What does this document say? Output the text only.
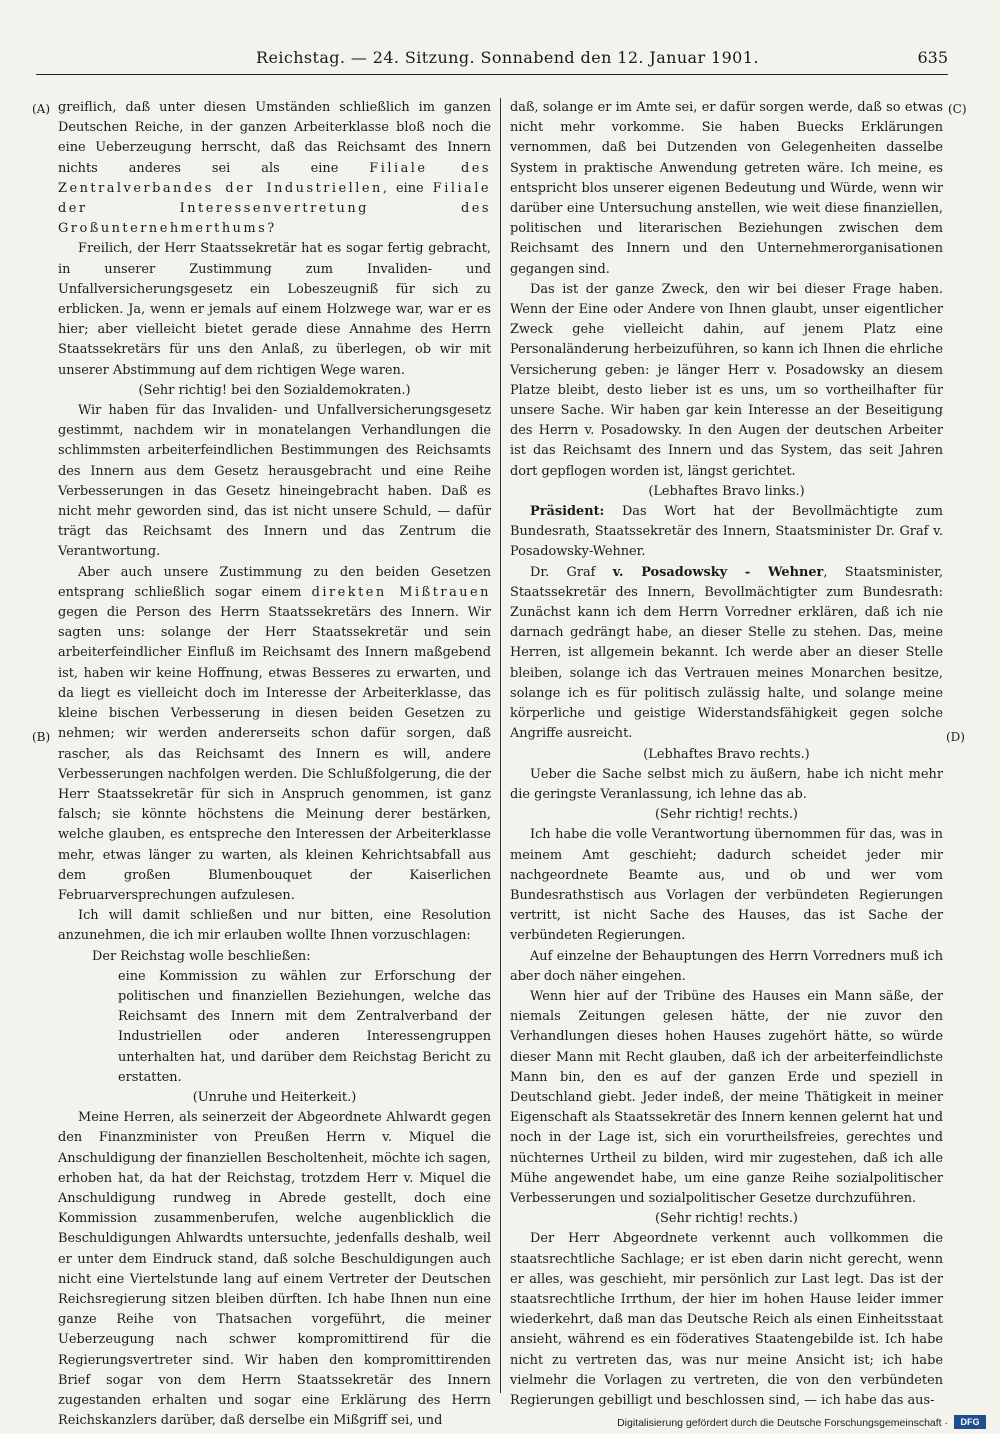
Reichstag. — 24. Sitzung. Sonnabend den 12. Januar 1901.	635
(A)
(B)
(C)
(D)

greiflich, daß unter diesen Umständen schließlich im ganzen Deutschen Reiche, in der ganzen Arbeiterklasse bloß noch die eine Ueberzeugung herrscht, daß das Reichsamt des Innern nichts anderes sei als eine Filiale des Zentralverbandes der Industriellen, eine Filiale der Interessenvertretung des Großunternehmerthums?

Freilich, der Herr Staatssekretär hat es sogar fertig gebracht, in unserer Zustimmung zum Invaliden- und Unfallversicherungsgesetz ein Lobeszeugniß für sich zu erblicken. Ja, wenn er jemals auf einem Holzwege war, war er es hier; aber vielleicht bietet gerade diese Annahme des Herrn Staatssekretärs für uns den Anlaß, zu überlegen, ob wir mit unserer Abstimmung auf dem richtigen Wege waren.

(Sehr richtig! bei den Sozialdemokraten.)

Wir haben für das Invaliden- und Unfallversicherungsgesetz gestimmt, nachdem wir in monatelangen Verhandlungen die schlimmsten arbeiterfeindlichen Bestimmungen des Reichsamts des Innern aus dem Gesetz herausgebracht und eine Reihe Verbesserungen in das Gesetz hineingebracht haben. Daß es nicht mehr geworden sind, das ist nicht unsere Schuld, — dafür trägt das Reichsamt des Innern und das Zentrum die Verantwortung.

Aber auch unsere Zustimmung zu den beiden Gesetzen entsprang schließlich sogar einem direkten Mißtrauen gegen die Person des Herrn Staatssekretärs des Innern. Wir sagten uns: solange der Herr Staatssekretär und sein arbeiterfeindlicher Einfluß im Reichsamt des Innern maßgebend ist, haben wir keine Hoffnung, etwas Besseres zu erwarten, und da liegt es vielleicht doch im Interesse der Arbeiterklasse, das kleine bischen Verbesserung in diesen beiden Gesetzen zu nehmen; wir werden andererseits schon dafür sorgen, daß rascher, als das Reichsamt des Innern es will, andere Verbesserungen nachfolgen werden. Die Schlußfolgerung, die der Herr Staatssekretär für sich in Anspruch genommen, ist ganz falsch; sie könnte höchstens die Meinung derer bestärken, welche glauben, es entspreche den Interessen der Arbeiterklasse mehr, etwas länger zu warten, als kleinen Kehrichtsabfall aus dem großen Blumenbouquet der Kaiserlichen Februarversprechungen aufzulesen.

Ich will damit schließen und nur bitten, eine Resolution anzunehmen, die ich mir erlauben wollte Ihnen vorzuschlagen:

Der Reichstag wolle beschließen:

eine Kommission zu wählen zur Erforschung der politischen und finanziellen Beziehungen, welche das Reichsamt des Innern mit dem Zentralverband der Industriellen oder anderen Interessengruppen unterhalten hat, und darüber dem Reichstag Bericht zu erstatten.

(Unruhe und Heiterkeit.)

Meine Herren, als seinerzeit der Abgeordnete Ahlwardt gegen den Finanzminister von Preußen Herrn v. Miquel die Anschuldigung der finanziellen Bescholtenheit, möchte ich sagen, erhoben hat, da hat der Reichstag, trotzdem Herr v. Miquel die Anschuldigung rundweg in Abrede gestellt, doch eine Kommission zusammenberufen, welche augenblicklich die Beschuldigungen Ahlwardts untersuchte, jedenfalls deshalb, weil er unter dem Eindruck stand, daß solche Beschuldigungen auch nicht eine Viertelstunde lang auf einem Vertreter der Deutschen Reichsregierung sitzen bleiben dürften. Ich habe Ihnen nun eine ganze Reihe von Thatsachen vorgeführt, die meiner Ueberzeugung nach schwer kompromittirend für die Regierungsvertreter sind. Wir haben den kompromittirenden Brief sogar von dem Herrn Staatssekretär des Innern zugestanden erhalten und sogar eine Erklärung des Herrn Reichskanzlers darüber, daß derselbe ein Mißgriff sei, und

daß, solange er im Amte sei, er dafür sorgen werde, daß so etwas nicht mehr vorkomme. Sie haben Buecks Erklärungen vernommen, daß bei Dutzenden von Gelegenheiten dasselbe System in praktische Anwendung getreten wäre. Ich meine, es entspricht blos unserer eigenen Bedeutung und Würde, wenn wir darüber eine Untersuchung anstellen, wie weit diese finanziellen, politischen und literarischen Beziehungen zwischen dem Reichsamt des Innern und den Unternehmerorganisationen gegangen sind.

Das ist der ganze Zweck, den wir bei dieser Frage haben. Wenn der Eine oder Andere von Ihnen glaubt, unser eigentlicher Zweck gehe vielleicht dahin, auf jenem Platz eine Personaländerung herbeizuführen, so kann ich Ihnen die ehrliche Versicherung geben: je länger Herr v. Posadowsky an diesem Platze bleibt, desto lieber ist es uns, um so vortheilhafter für unsere Sache. Wir haben gar kein Interesse an der Beseitigung des Herrn v. Posadowsky. In den Augen der deutschen Arbeiter ist das Reichsamt des Innern und das System, das seit Jahren dort gepflogen worden ist, längst gerichtet.

(Lebhaftes Bravo links.)

Präsident: Das Wort hat der Bevollmächtigte zum Bundesrath, Staatssekretär des Innern, Staatsminister Dr. Graf v. Posadowsky-Wehner.

Dr. Graf v. Posadowsky - Wehner, Staatsminister, Staatssekretär des Innern, Bevollmächtigter zum Bundesrath: Zunächst kann ich dem Herrn Vorredner erklären, daß ich nie darnach gedrängt habe, an dieser Stelle zu stehen. Das, meine Herren, ist allgemein bekannt. Ich werde aber an dieser Stelle bleiben, solange ich das Vertrauen meines Monarchen besitze, solange ich es für politisch zulässig halte, und solange meine körperliche und geistige Widerstandsfähigkeit gegen solche Angriffe ausreicht.

(Lebhaftes Bravo rechts.)

Ueber die Sache selbst mich zu äußern, habe ich nicht mehr die geringste Veranlassung, ich lehne das ab.

(Sehr richtig! rechts.)

Ich habe die volle Verantwortung übernommen für das, was in meinem Amt geschieht; dadurch scheidet jeder mir nachgeordnete Beamte aus, und ob und wer vom Bundesrathstisch aus Vorlagen der verbündeten Regierungen vertritt, ist nicht Sache des Hauses, das ist Sache der verbündeten Regierungen.

Auf einzelne der Behauptungen des Herrn Vorredners muß ich aber doch näher eingehen.

Wenn hier auf der Tribüne des Hauses ein Mann säße, der niemals Zeitungen gelesen hätte, der nie zuvor den Verhandlungen dieses hohen Hauses zugehört hätte, so würde dieser Mann mit Recht glauben, daß ich der arbeiterfeindlichste Mann bin, den es auf der ganzen Erde und speziell in Deutschland giebt. Jeder indeß, der meine Thätigkeit in meiner Eigenschaft als Staatssekretär des Innern kennen gelernt hat und noch in der Lage ist, sich ein vorurtheilsfreies, gerechtes und nüchternes Urtheil zu bilden, wird mir zugestehen, daß ich alle Mühe angewendet habe, um eine ganze Reihe sozialpolitischer Verbesserungen und sozialpolitischer Gesetze durchzuführen.

(Sehr richtig! rechts.)

Der Herr Abgeordnete verkennt auch vollkommen die staatsrechtliche Sachlage; er ist eben darin nicht gerecht, wenn er alles, was geschieht, mir persönlich zur Last legt. Das ist der staatsrechtliche Irrthum, der hier im hohen Hause leider immer wiederkehrt, daß man das Deutsche Reich als einen Einheitsstaat ansieht, während es ein föderatives Staatengebilde ist. Ich habe nicht zu vertreten das, was nur meine Ansicht ist; ich habe vielmehr die Vorlagen zu vertreten, die von den verbündeten Regierungen gebilligt und beschlossen sind, — ich habe das aus-

Digitalisierung gefördert durch die Deutsche Forschungsgemeinschaft ·	DFG
